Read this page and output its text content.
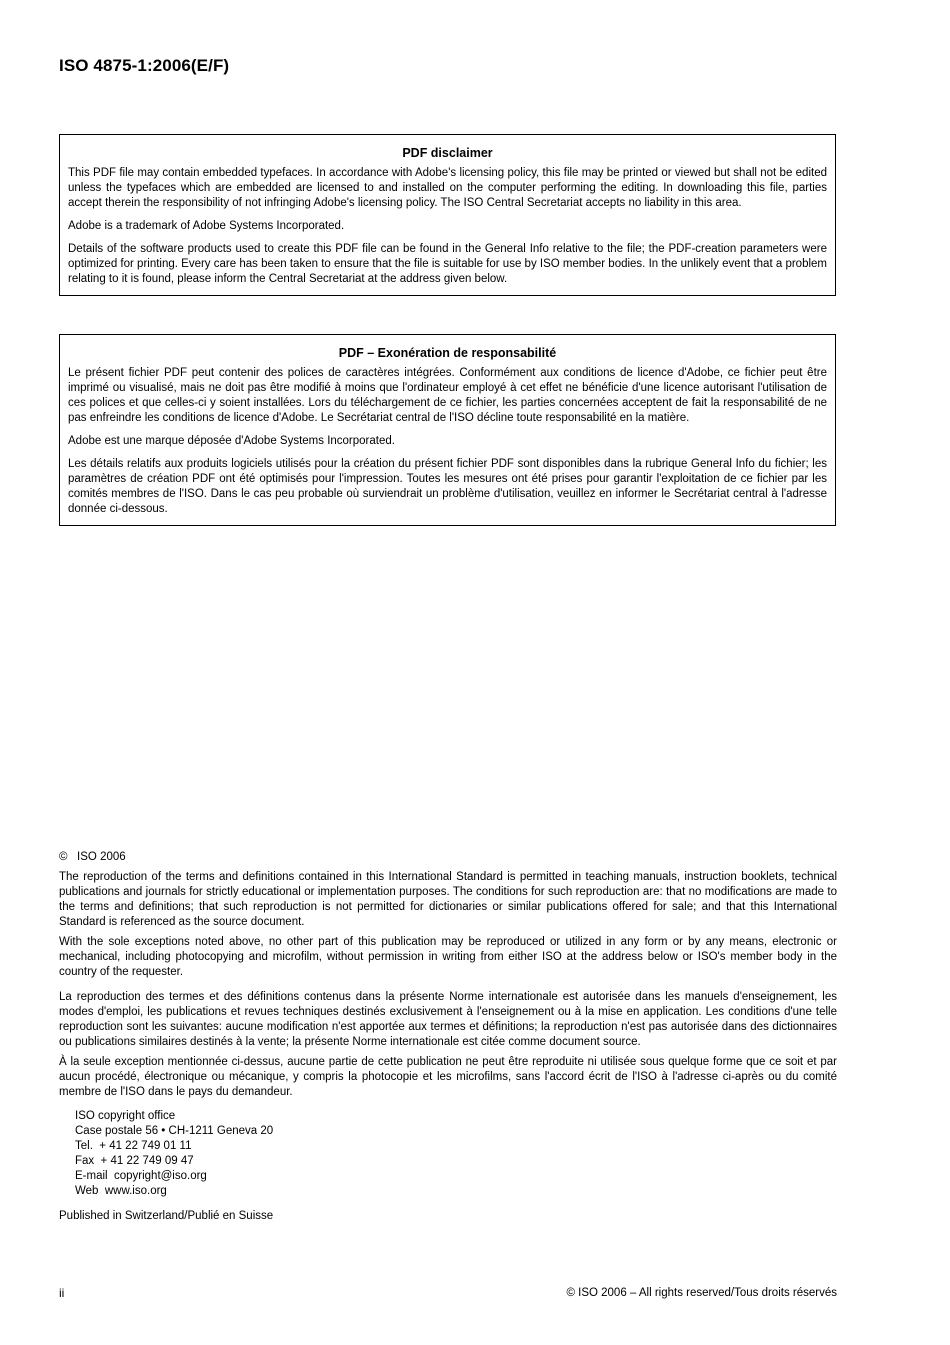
ISO 4875-1:2006(E/F)
PDF disclaimer

This PDF file may contain embedded typefaces. In accordance with Adobe's licensing policy, this file may be printed or viewed but shall not be edited unless the typefaces which are embedded are licensed to and installed on the computer performing the editing. In downloading this file, parties accept therein the responsibility of not infringing Adobe's licensing policy. The ISO Central Secretariat accepts no liability in this area.

Adobe is a trademark of Adobe Systems Incorporated.

Details of the software products used to create this PDF file can be found in the General Info relative to the file; the PDF-creation parameters were optimized for printing. Every care has been taken to ensure that the file is suitable for use by ISO member bodies. In the unlikely event that a problem relating to it is found, please inform the Central Secretariat at the address given below.

PDF – Exonération de responsabilité

Le présent fichier PDF peut contenir des polices de caractères intégrées. Conformément aux conditions de licence d'Adobe, ce fichier peut être imprimé ou visualisé, mais ne doit pas être modifié à moins que l'ordinateur employé à cet effet ne bénéficie d'une licence autorisant l'utilisation de ces polices et que celles-ci y soient installées. Lors du téléchargement de ce fichier, les parties concernées acceptent de fait la responsabilité de ne pas enfreindre les conditions de licence d'Adobe. Le Secrétariat central de l'ISO décline toute responsabilité en la matière.

Adobe est une marque déposée d'Adobe Systems Incorporated.

Les détails relatifs aux produits logiciels utilisés pour la création du présent fichier PDF sont disponibles dans la rubrique General Info du fichier; les paramètres de création PDF ont été optimisés pour l'impression. Toutes les mesures ont été prises pour garantir l'exploitation de ce fichier par les comités membres de l'ISO. Dans le cas peu probable où surviendrait un problème d'utilisation, veuillez en informer le Secrétariat central à l'adresse donnée ci-dessous.

©   ISO 2006

The reproduction of the terms and definitions contained in this International Standard is permitted in teaching manuals, instruction booklets, technical publications and journals for strictly educational or implementation purposes. The conditions for such reproduction are: that no modifications are made to the terms and definitions; that such reproduction is not permitted for dictionaries or similar publications offered for sale; and that this International Standard is referenced as the source document.

With the sole exceptions noted above, no other part of this publication may be reproduced or utilized in any form or by any means, electronic or mechanical, including photocopying and microfilm, without permission in writing from either ISO at the address below or ISO's member body in the country of the requester.

La reproduction des termes et des définitions contenus dans la présente Norme internationale est autorisée dans les manuels d'enseignement, les modes d'emploi, les publications et revues techniques destinés exclusivement à l'enseignement ou à la mise en application. Les conditions d'une telle reproduction sont les suivantes: aucune modification n'est apportée aux termes et définitions; la reproduction n'est pas autorisée dans des dictionnaires ou publications similaires destinés à la vente; la présente Norme internationale est citée comme document source.

À la seule exception mentionnée ci-dessus, aucune partie de cette publication ne peut être reproduite ni utilisée sous quelque forme que ce soit et par aucun procédé, électronique ou mécanique, y compris la photocopie et les microfilms, sans l'accord écrit de l'ISO à l'adresse ci-après ou du comité membre de l'ISO dans le pays du demandeur.

ISO copyright office
Case postale 56 • CH-1211 Geneva 20
Tel.  + 41 22 749 01 11
Fax  + 41 22 749 09 47
E-mail  copyright@iso.org
Web  www.iso.org

Published in Switzerland/Publié en Suisse

ii	© ISO 2006 – All rights reserved/Tous droits réservés
